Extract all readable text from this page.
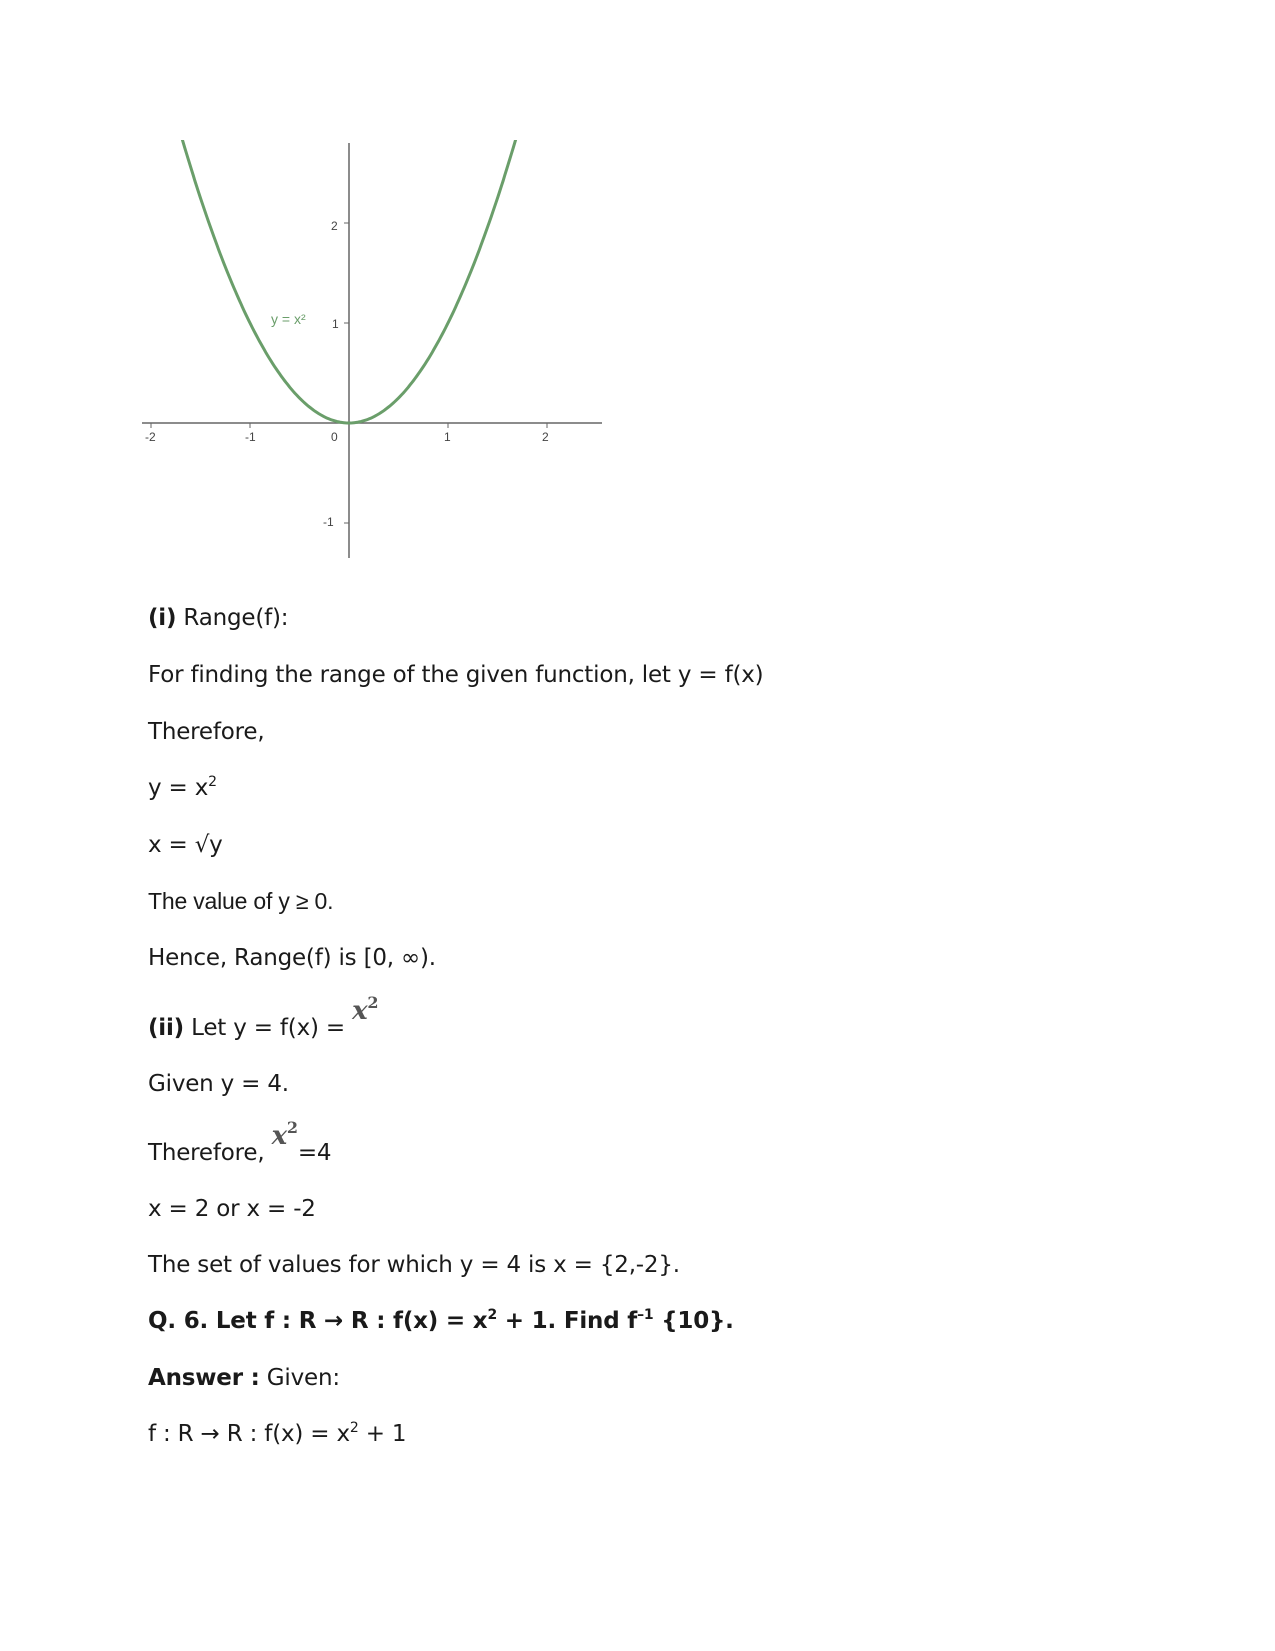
y = x²
-2	-1	0	1	2
2
1
-1

(i) Range(f):

For finding the range of the given function, let y = f(x)

Therefore,

$y = x^2$

x = √y

The value of y ≥ 0.

Hence, Range(f) is [0, ∞).

(ii) Let $y = f(x) = x^2$

Given y = 4.

Therefore, $x^2=4$

x = 2 or x = -2

The set of values for which y = 4 is x = {2,-2}.

Q. 6. Let f : R → R : $f(x) = x^2 + 1$. Find $f^{-1}$ {10}.

Answer : Given:

f : R → R : $f(x) = x^2 + 1$
